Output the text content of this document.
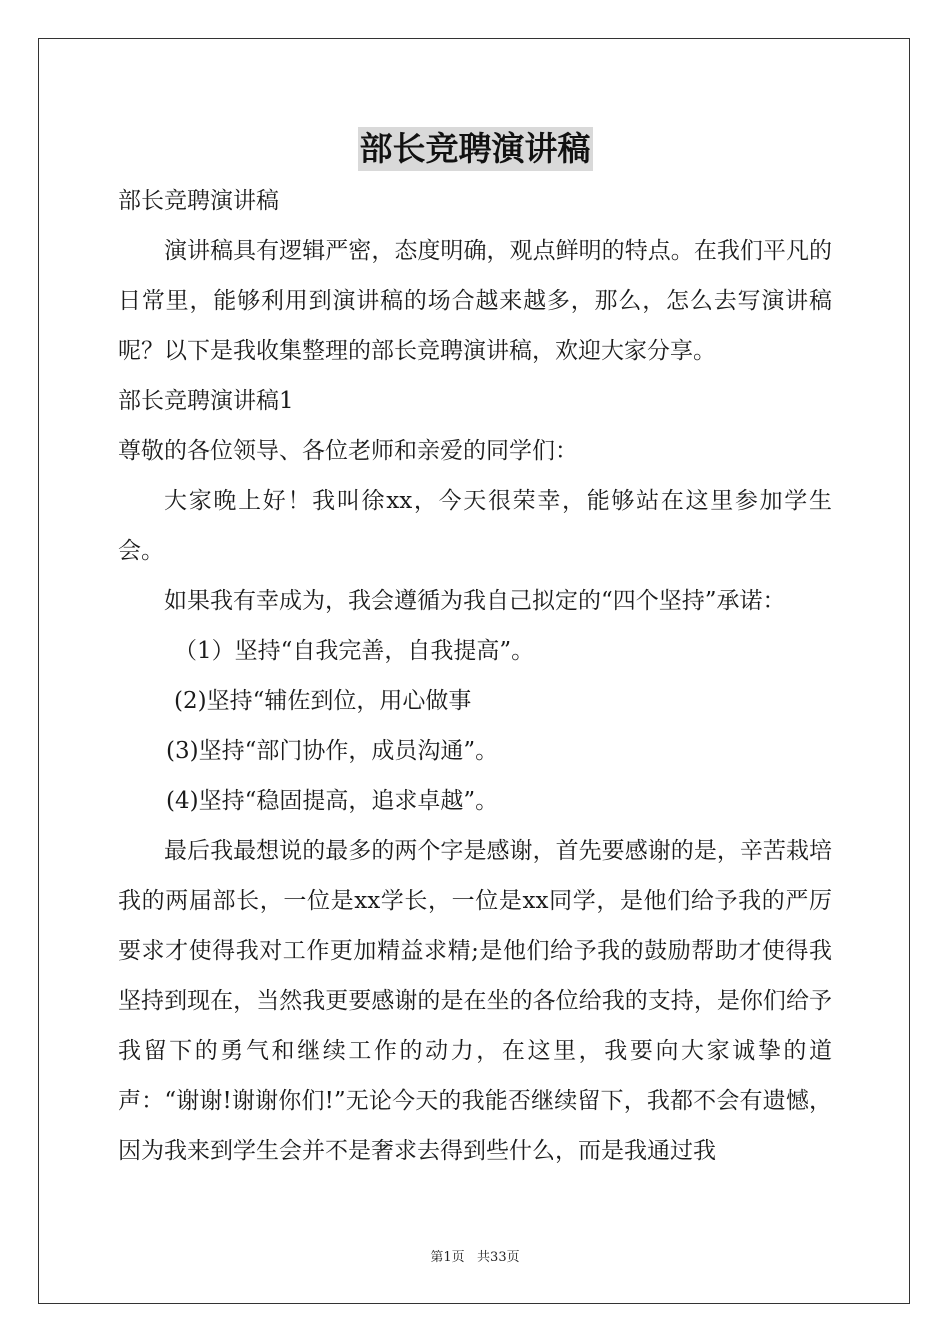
部长竞聘演讲稿

部长竞聘演讲稿

演讲稿具有逻辑严密，态度明确，观点鲜明的特点。在我们平凡的日常里，能够利用到演讲稿的场合越来越多，那么，怎么去写演讲稿呢？以下是我收集整理的部长竞聘演讲稿，欢迎大家分享。

部长竞聘演讲稿1

尊敬的各位领导、各位老师和亲爱的同学们：

大家晚上好！我叫徐xx，今天很荣幸，能够站在这里参加学生会。

如果我有幸成为，我会遵循为我自己拟定的“四个坚持”承诺：

（1）坚持“自我完善，自我提高”。

(2)坚持“辅佐到位，用心做事

(3)坚持“部门协作，成员沟通”。

(4)坚持“稳固提高，追求卓越”。

最后我最想说的最多的两个字是感谢，首先要感谢的是，辛苦栽培我的两届部长，一位是xx学长，一位是xx同学，是他们给予我的严厉要求才使得我对工作更加精益求精;是他们给予我的鼓励帮助才使得我坚持到现在，当然我更要感谢的是在坐的各位给我的支持，是你们给予我留下的勇气和继续工作的动力，在这里，我要向大家诚挚的道声：“谢谢!谢谢你们!”无论今天的我能否继续留下，我都不会有遗憾，因为我来到学生会并不是奢求去得到些什么，而是我通过我

第1页   共33页
